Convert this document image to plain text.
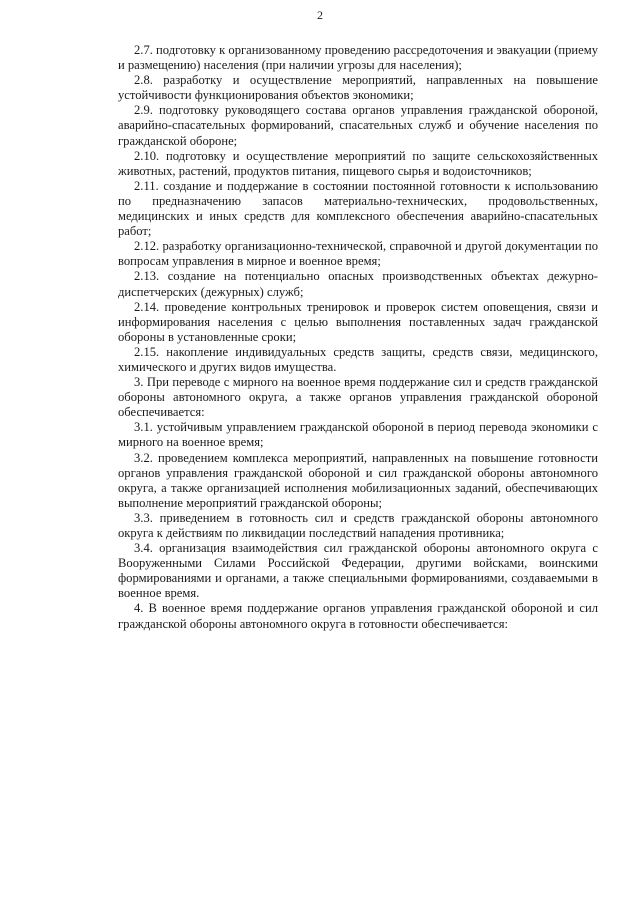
2

2.7. подготовку к организованному проведению рассредоточения и эвакуации (приему и размещению) населения (при наличии угрозы для населения);

2.8. разработку и осуществление мероприятий, направленных на повышение устойчивости функционирования объектов экономики;

2.9. подготовку руководящего состава органов управления гражданской обороной, аварийно-спасательных формирований, спасательных служб и обучение населения по гражданской обороне;

2.10. подготовку и осуществление мероприятий по защите сельскохозяйственных животных, растений, продуктов питания, пищевого сырья и водоисточников;

2.11. создание и поддержание в состоянии постоянной готовности к использованию по предназначению запасов материально-технических, продовольственных, медицинских и иных средств для комплексного обеспечения аварийно-спасательных работ;

2.12. разработку организационно-технической, справочной и другой документации по вопросам управления в мирное и военное время;

2.13. создание на потенциально опасных производственных объектах дежурно-диспетчерских (дежурных) служб;

2.14. проведение контрольных тренировок и проверок систем оповещения, связи и информирования населения с целью выполнения поставленных задач гражданской обороны в установленные сроки;

2.15. накопление индивидуальных средств защиты, средств связи, медицинского, химического и других видов имущества.

3. При переводе с мирного на военное время поддержание сил и средств гражданской обороны автономного округа, а также органов управления гражданской обороной обеспечивается:

3.1. устойчивым управлением гражданской обороной в период перевода экономики с мирного на военное время;

3.2. проведением комплекса мероприятий, направленных на повышение готовности органов управления гражданской обороной и сил гражданской обороны автономного округа, а также организацией исполнения мобилизационных заданий, обеспечивающих выполнение мероприятий гражданской обороны;

3.3. приведением в готовность сил и средств гражданской обороны автономного округа к действиям по ликвидации последствий нападения противника;

3.4. организация взаимодействия сил гражданской обороны автономного округа с Вооруженными Силами Российской Федерации, другими войсками, воинскими формированиями и органами, а также специальными формированиями, создаваемыми в военное время.

4. В военное время поддержание органов управления гражданской обороной и сил гражданской обороны автономного округа в готовности обеспечивается:
